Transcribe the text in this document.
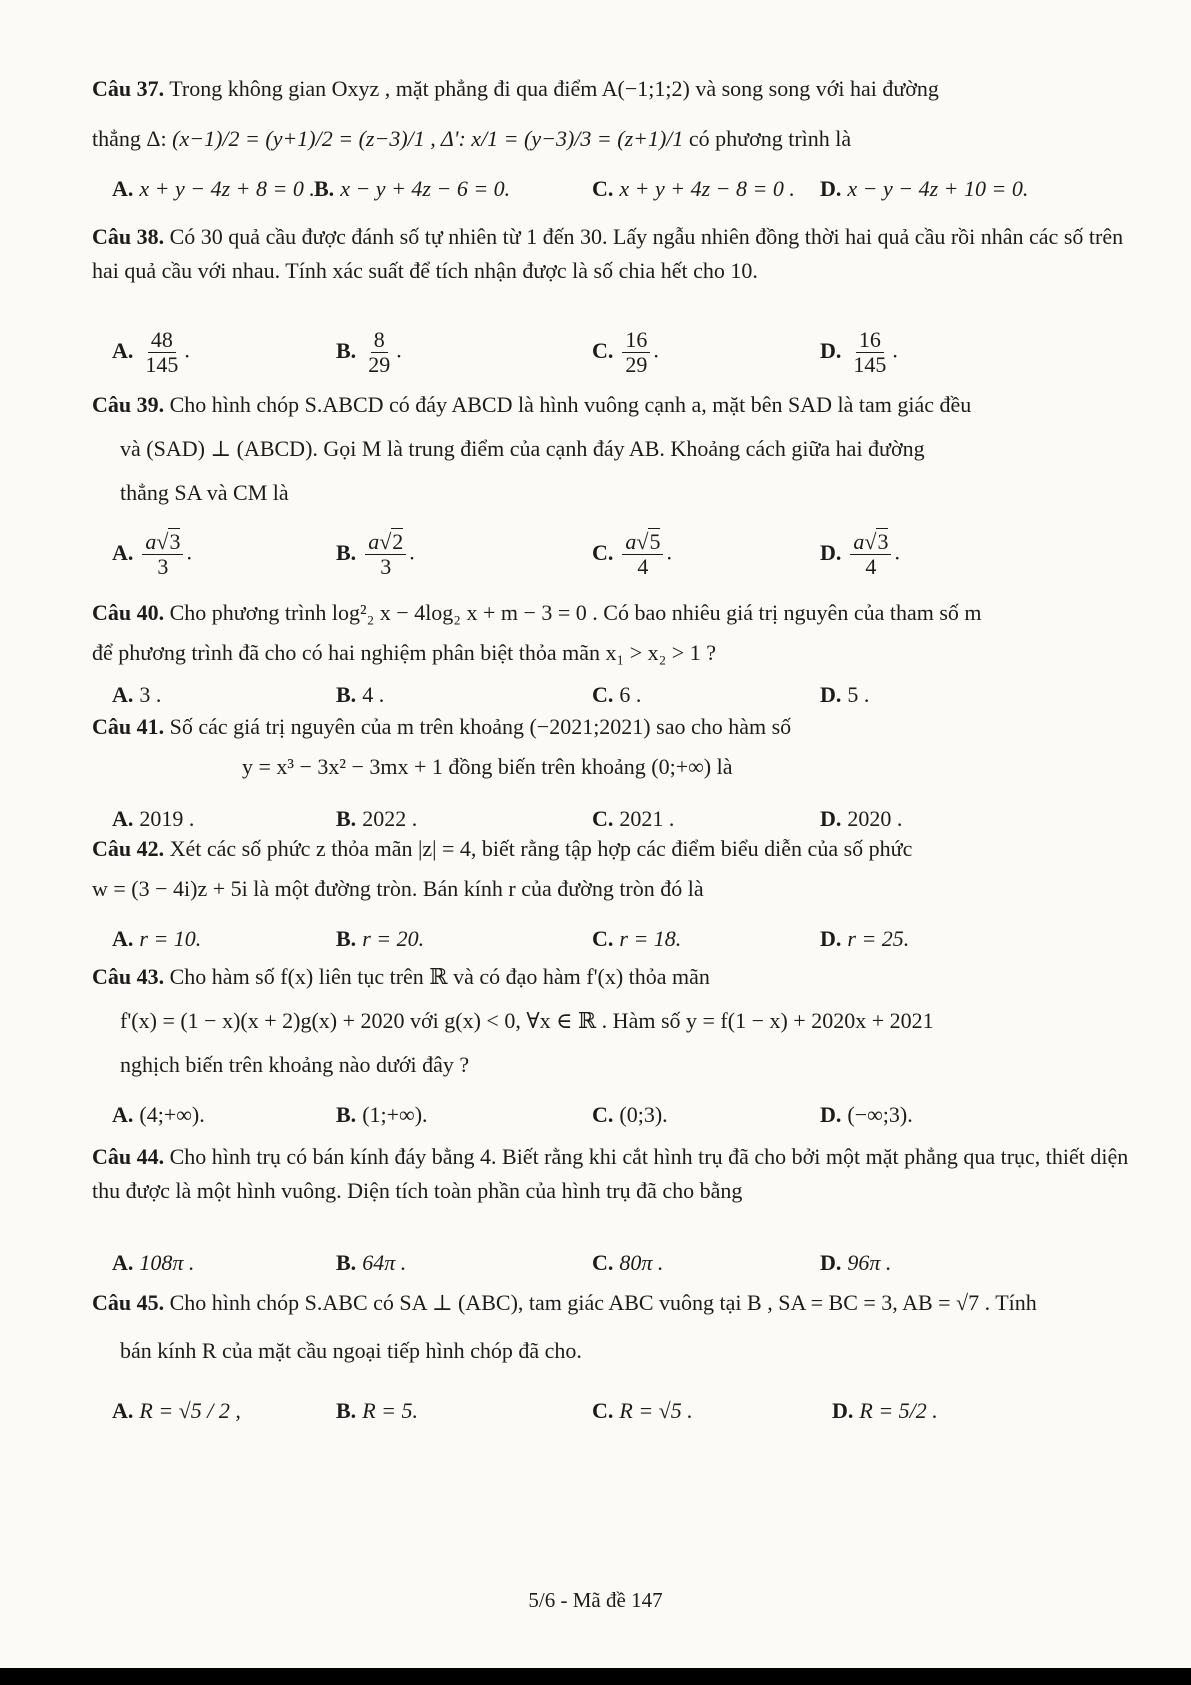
Câu 37. Trong không gian Oxyz , mặt phẳng đi qua điểm A(−1;1;2) và song song với hai đường
thẳng Δ: (x−1)/2 = (y+1)/2 = (z−3)/1 , Δ': x/1 = (y−3)/3 = (z+1)/1 có phương trình là
A. x + y − 4z + 8 = 0 . B. x − y + 4z − 6 = 0.	C. x + y + 4z − 8 = 0 . D. x − y − 4z + 10 = 0.
Câu 38. Có 30 quả cầu được đánh số tự nhiên từ 1 đến 30. Lấy ngẫu nhiên đồng thời hai quả cầu rồi nhân các số trên hai quả cầu với nhau. Tính xác suất để tích nhận được là số chia hết cho 10.
A. $\frac{48}{145}$ .	B. $\frac{8}{29}$ .	C. $\frac{16}{29}$ .	D. $\frac{16}{145}$ .
Câu 39. Cho hình chóp S.ABCD có đáy ABCD là hình vuông cạnh a, mặt bên SAD là tam giác đều
và (SAD) ⊥ (ABCD). Gọi M là trung điểm của cạnh đáy AB. Khoảng cách giữa hai đường
thẳng SA và CM là
A. $\frac{a√3}{3}$ .	B. $\frac{a√2}{3}$ .	C. $\frac{a√5}{4}$ .	D. $\frac{a√3}{4}$ .
Câu 40. Cho phương trình log²₂ x − 4log₂ x + m − 3 = 0 . Có bao nhiêu giá trị nguyên của tham số m
để phương trình đã cho có hai nghiệm phân biệt thỏa mãn x₁ > x₂ > 1 ?
A. 3 .	B. 4 .	C. 6 .	D. 5 .
Câu 41. Số các giá trị nguyên của m trên khoảng (−2021;2021) sao cho hàm số
y = x³ − 3x² − 3mx + 1 đồng biến trên khoảng (0;+∞) là
A. 2019 .	B. 2022 .	C. 2021 .	D. 2020 .
Câu 42. Xét các số phức z thỏa mãn |z| = 4, biết rằng tập hợp các điểm biểu diễn của số phức
w = (3 − 4i)z + 5i là một đường tròn. Bán kính r của đường tròn đó là
A. r = 10.	B. r = 20.	C. r = 18.	D. r = 25.
Câu 43. Cho hàm số f(x) liên tục trên ℝ và có đạo hàm f'(x) thỏa mãn
f'(x) = (1 − x)(x + 2)g(x) + 2020 với g(x) < 0, ∀x ∈ ℝ . Hàm số y = f(1 − x) + 2020x + 2021
nghịch biến trên khoảng nào dưới đây ?
A. (4;+∞).	B. (1;+∞).	C. (0;3).	D. (−∞;3).
Câu 44. Cho hình trụ có bán kính đáy bằng 4. Biết rằng khi cắt hình trụ đã cho bởi một mặt phẳng qua trục, thiết diện thu được là một hình vuông. Diện tích toàn phần của hình trụ đã cho bằng
A. 108π .	B. 64π .	C. 80π .	D. 96π .
Câu 45. Cho hình chóp S.ABC có SA ⊥ (ABC), tam giác ABC vuông tại B , SA = BC = 3, AB = √7 . Tính
bán kính R của mặt cầu ngoại tiếp hình chóp đã cho.
A. R = √5 / 2 ,	B. R = 5.	C. R = √5 .	D. R = 5/2 .
5/6 - Mã đề 147
